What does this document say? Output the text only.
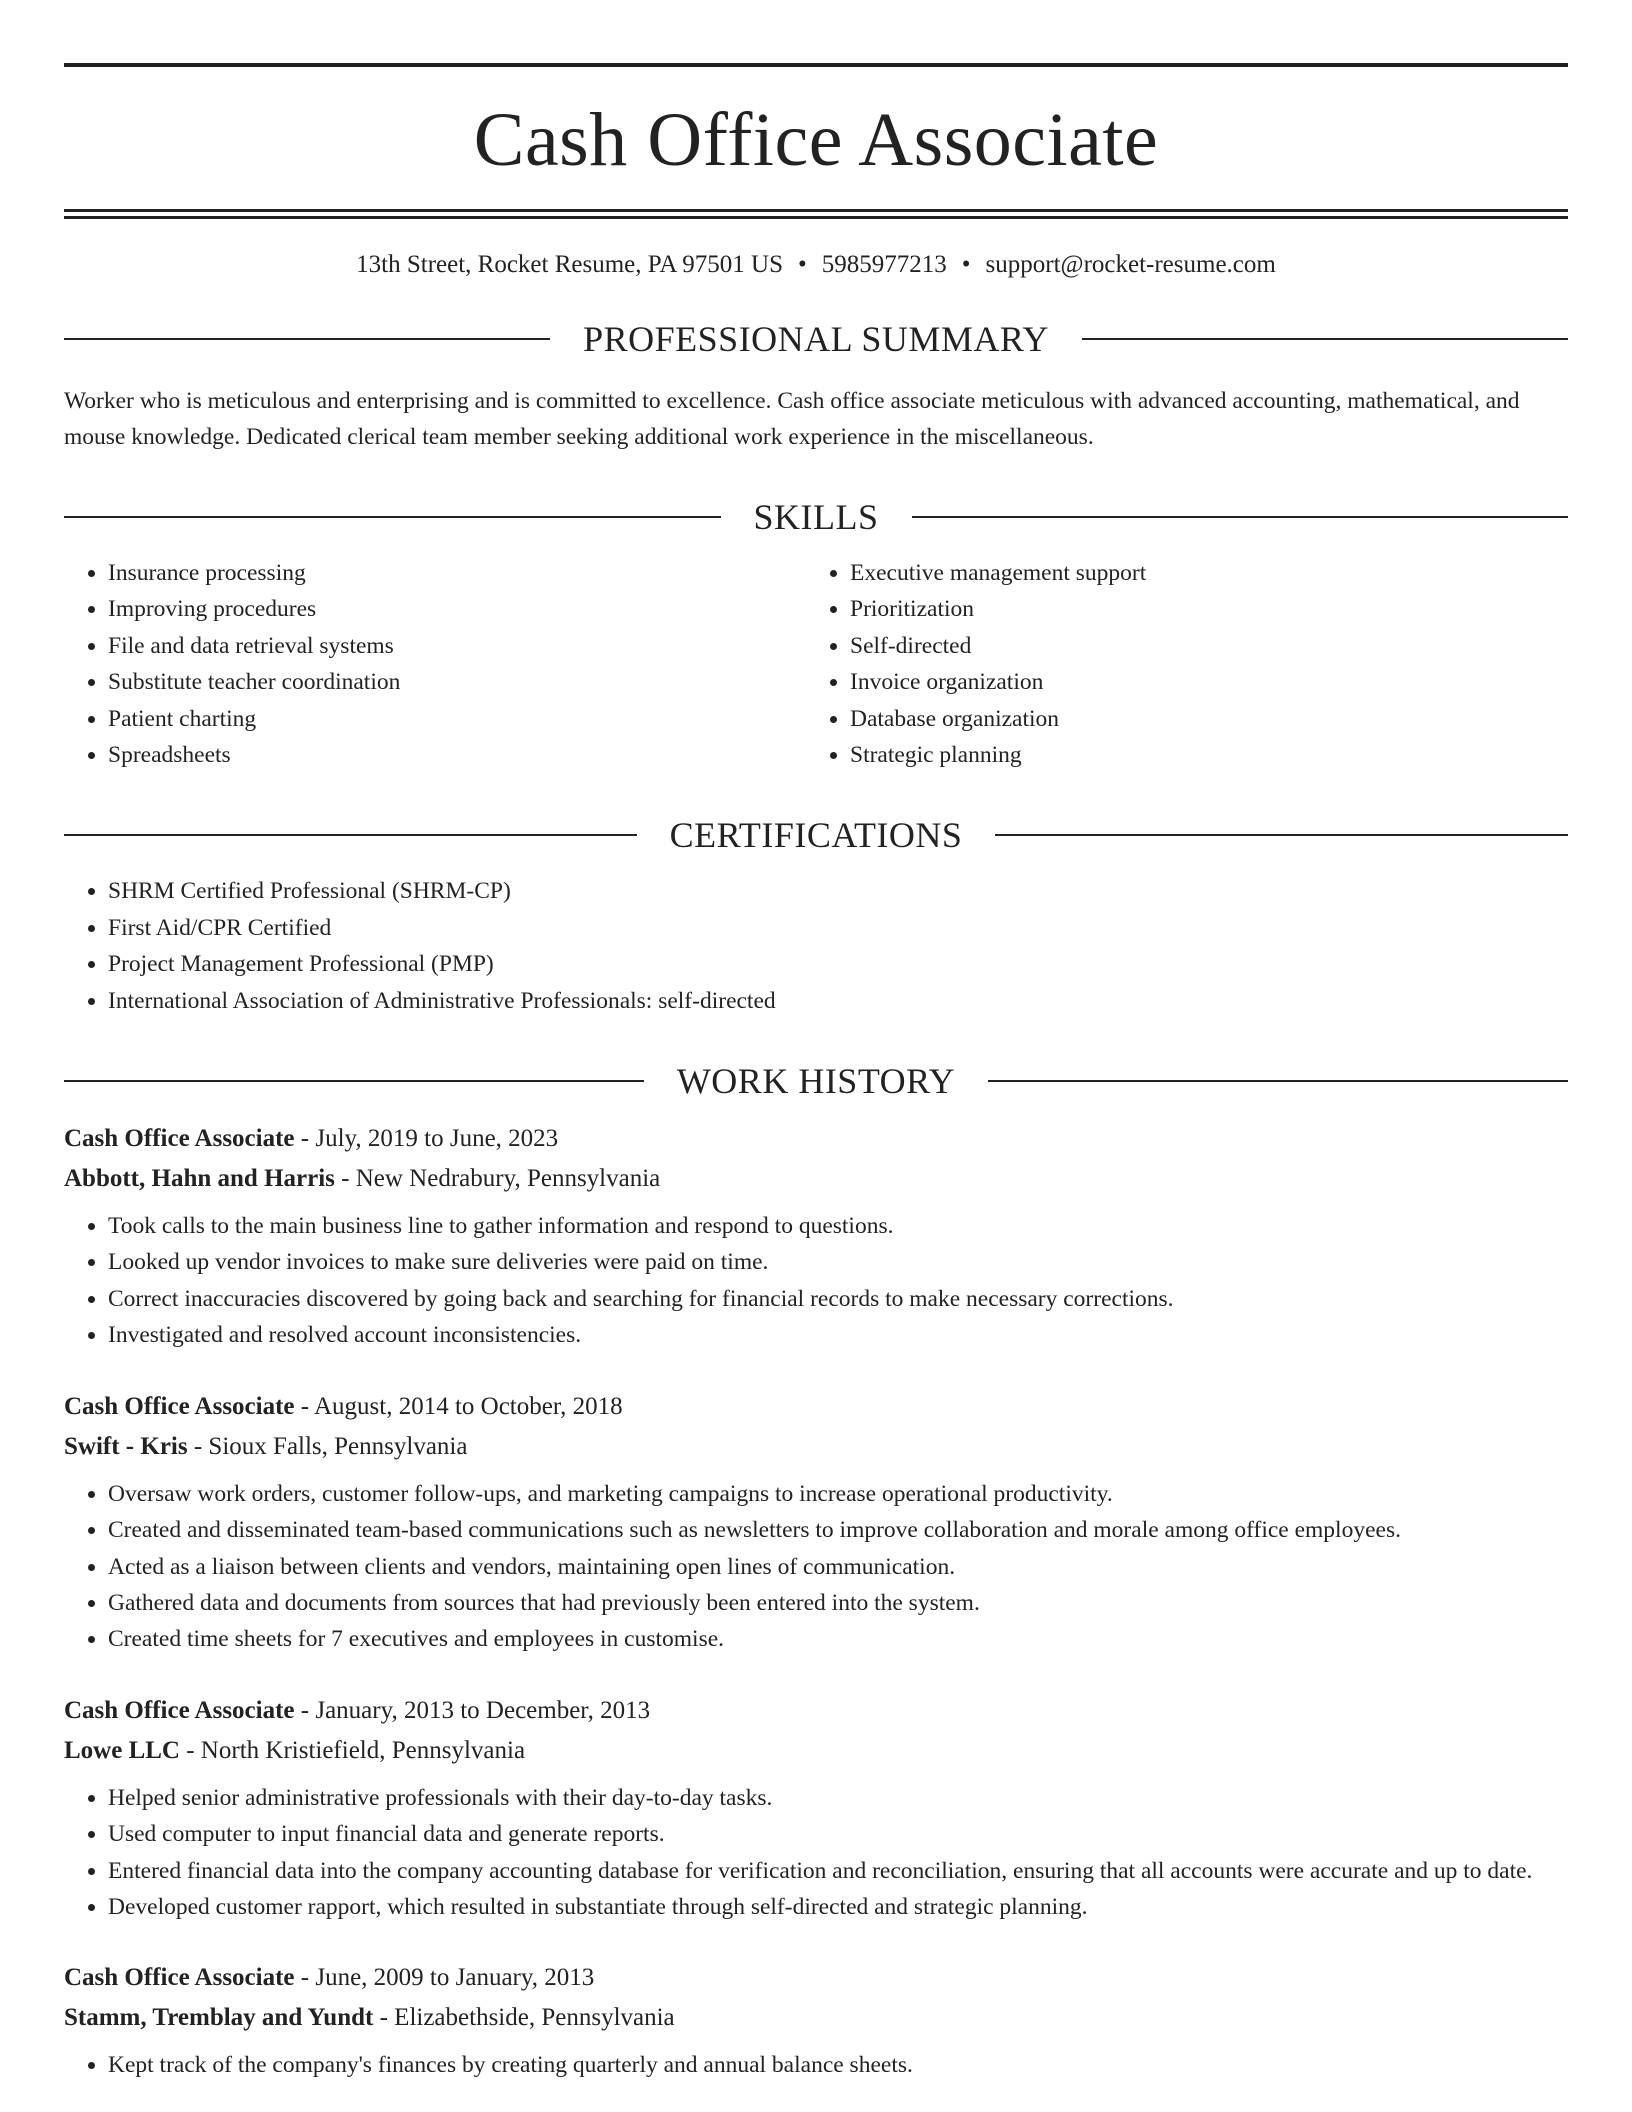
Cash Office Associate
13th Street, Rocket Resume, PA 97501 US • 5985977213 • support@rocket-resume.com
PROFESSIONAL SUMMARY
Worker who is meticulous and enterprising and is committed to excellence. Cash office associate meticulous with advanced accounting, mathematical, and mouse knowledge. Dedicated clerical team member seeking additional work experience in the miscellaneous.
SKILLS
• Insurance processing
• Improving procedures
• File and data retrieval systems
• Substitute teacher coordination
• Patient charting
• Spreadsheets
• Executive management support
• Prioritization
• Self-directed
• Invoice organization
• Database organization
• Strategic planning
CERTIFICATIONS
• SHRM Certified Professional (SHRM-CP)
• First Aid/CPR Certified
• Project Management Professional (PMP)
• International Association of Administrative Professionals: self-directed
WORK HISTORY
Cash Office Associate - July, 2019 to June, 2023
Abbott, Hahn and Harris - New Nedrabury, Pennsylvania
• Took calls to the main business line to gather information and respond to questions.
• Looked up vendor invoices to make sure deliveries were paid on time.
• Correct inaccuracies discovered by going back and searching for financial records to make necessary corrections.
• Investigated and resolved account inconsistencies.
Cash Office Associate - August, 2014 to October, 2018
Swift - Kris - Sioux Falls, Pennsylvania
• Oversaw work orders, customer follow-ups, and marketing campaigns to increase operational productivity.
• Created and disseminated team-based communications such as newsletters to improve collaboration and morale among office employees.
• Acted as a liaison between clients and vendors, maintaining open lines of communication.
• Gathered data and documents from sources that had previously been entered into the system.
• Created time sheets for 7 executives and employees in customise.
Cash Office Associate - January, 2013 to December, 2013
Lowe LLC - North Kristiefield, Pennsylvania
• Helped senior administrative professionals with their day-to-day tasks.
• Used computer to input financial data and generate reports.
• Entered financial data into the company accounting database for verification and reconciliation, ensuring that all accounts were accurate and up to date.
• Developed customer rapport, which resulted in substantiate through self-directed and strategic planning.
Cash Office Associate - June, 2009 to January, 2013
Stamm, Tremblay and Yundt - Elizabethside, Pennsylvania
• Kept track of the company's finances by creating quarterly and annual balance sheets.
